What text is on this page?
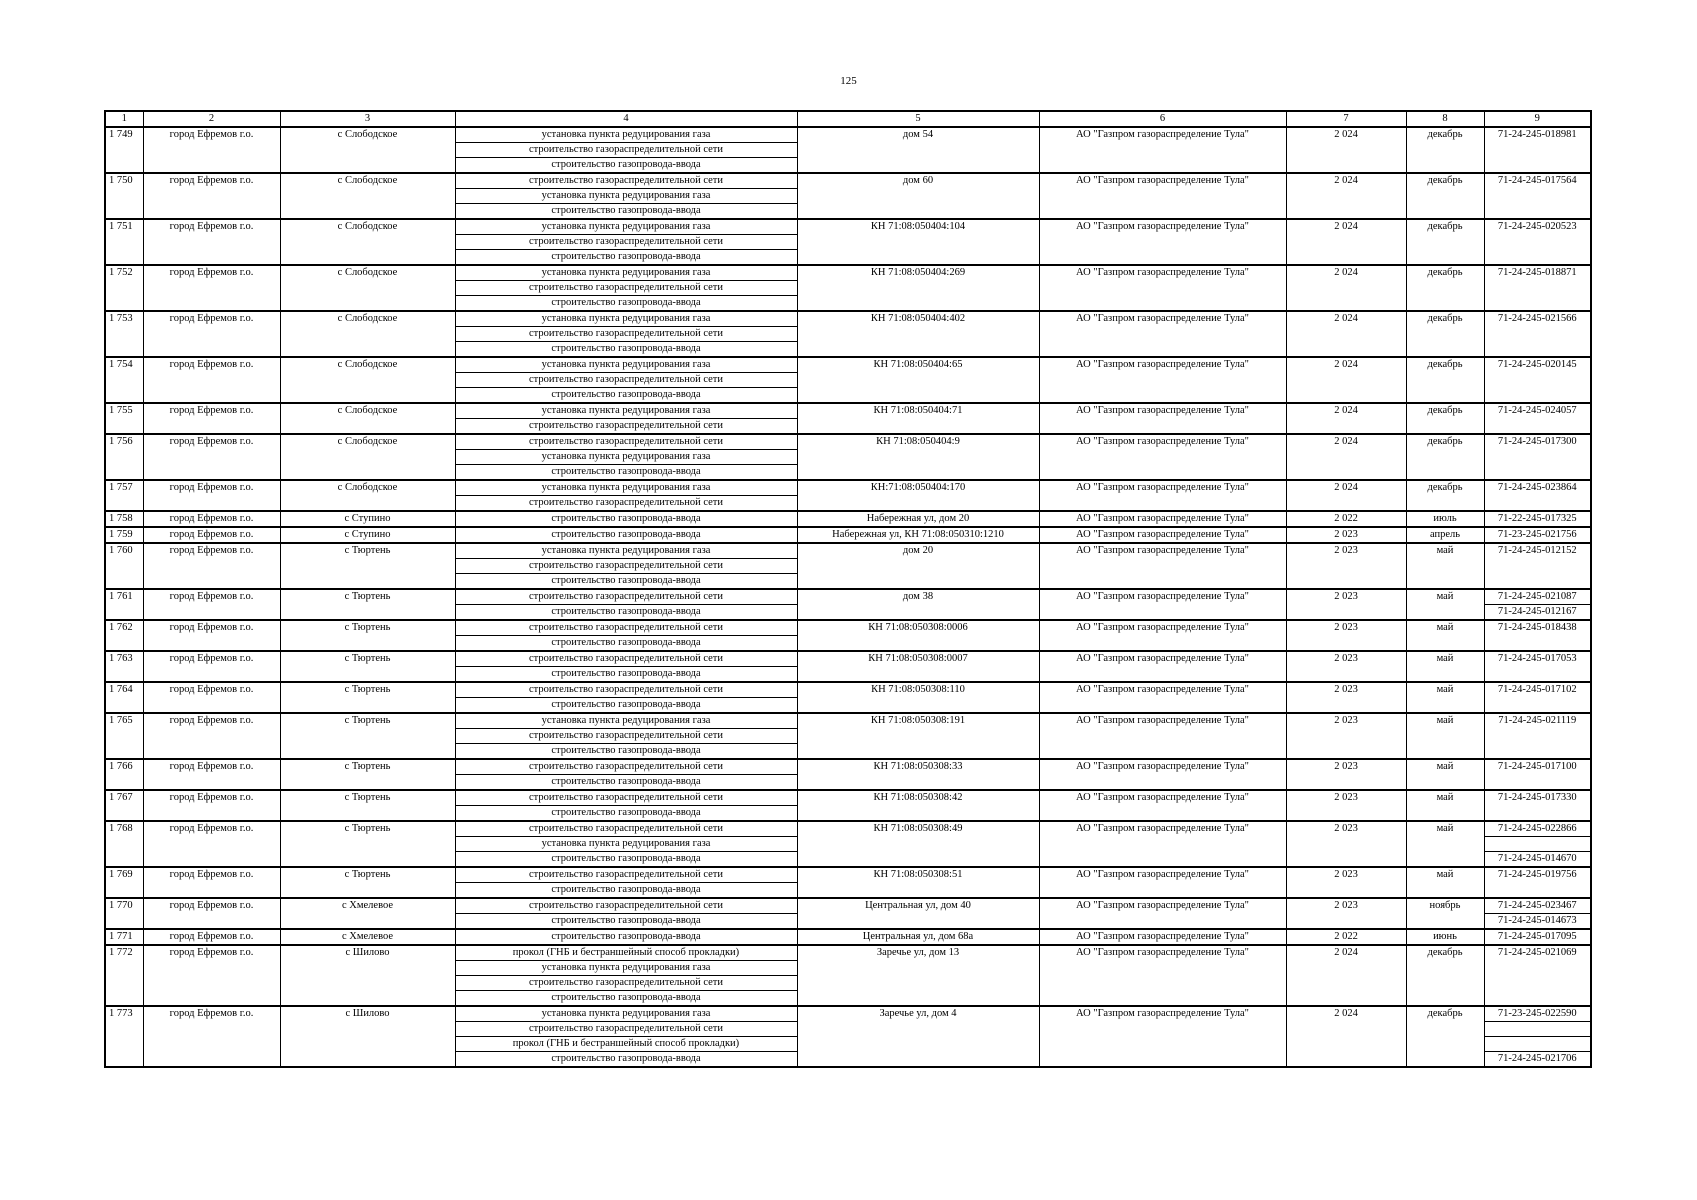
125
1	2	3	4	5	6	7	8	9
1 749	город Ефремов г.о.	с Слободское	установка пункта редуцирования газа	дом 54	АО "Газпром газораспределение Тула"	2 024	декабрь	71-24-245-018981
			строительство газораспределительной сети					
			строительство газопровода-ввода					
1 750	город Ефремов г.о.	с Слободское	строительство газораспределительной сети	дом 60	АО "Газпром газораспределение Тула"	2 024	декабрь	71-24-245-017564
			установка пункта редуцирования газа					
			строительство газопровода-ввода					
1 751	город Ефремов г.о.	с Слободское	установка пункта редуцирования газа	КН 71:08:050404:104	АО "Газпром газораспределение Тула"	2 024	декабрь	71-24-245-020523
			строительство газораспределительной сети					
			строительство газопровода-ввода					
1 752	город Ефремов г.о.	с Слободское	установка пункта редуцирования газа	КН 71:08:050404:269	АО "Газпром газораспределение Тула"	2 024	декабрь	71-24-245-018871
			строительство газораспределительной сети					
			строительство газопровода-ввода					
1 753	город Ефремов г.о.	с Слободское	установка пункта редуцирования газа	КН 71:08:050404:402	АО "Газпром газораспределение Тула"	2 024	декабрь	71-24-245-021566
			строительство газораспределительной сети					
			строительство газопровода-ввода					
1 754	город Ефремов г.о.	с Слободское	установка пункта редуцирования газа	КН 71:08:050404:65	АО "Газпром газораспределение Тула"	2 024	декабрь	71-24-245-020145
			строительство газораспределительной сети					
			строительство газопровода-ввода					
1 755	город Ефремов г.о.	с Слободское	установка пункта редуцирования газа	КН 71:08:050404:71	АО "Газпром газораспределение Тула"	2 024	декабрь	71-24-245-024057
			строительство газораспределительной сети					
1 756	город Ефремов г.о.	с Слободское	строительство газораспределительной сети	КН 71:08:050404:9	АО "Газпром газораспределение Тула"	2 024	декабрь	71-24-245-017300
			установка пункта редуцирования газа					
			строительство газопровода-ввода					
1 757	город Ефремов г.о.	с Слободское	установка пункта редуцирования газа	КН:71:08:050404:170	АО "Газпром газораспределение Тула"	2 024	декабрь	71-24-245-023864
			строительство газораспределительной сети					
1 758	город Ефремов г.о.	с Ступино	строительство газопровода-ввода	Набережная ул, дом 20	АО "Газпром газораспределение Тула"	2 022	июль	71-22-245-017325
1 759	город Ефремов г.о.	с Ступино	строительство газопровода-ввода	Набережная ул, КН 71:08:050310:1210	АО "Газпром газораспределение Тула"	2 023	апрель	71-23-245-021756
1 760	город Ефремов г.о.	с Тюртень	установка пункта редуцирования газа	дом 20	АО "Газпром газораспределение Тула"	2 023	май	71-24-245-012152
			строительство газораспределительной сети					
			строительство газопровода-ввода					
1 761	город Ефремов г.о.	с Тюртень	строительство газораспределительной сети	дом 38	АО "Газпром газораспределение Тула"	2 023	май	71-24-245-021087
			строительство газопровода-ввода					71-24-245-012167
1 762	город Ефремов г.о.	с Тюртень	строительство газораспределительной сети	КН 71:08:050308:0006	АО "Газпром газораспределение Тула"	2 023	май	71-24-245-018438
			строительство газопровода-ввода					
1 763	город Ефремов г.о.	с Тюртень	строительство газораспределительной сети	КН 71:08:050308:0007	АО "Газпром газораспределение Тула"	2 023	май	71-24-245-017053
			строительство газопровода-ввода					
1 764	город Ефремов г.о.	с Тюртень	строительство газораспределительной сети	КН 71:08:050308:110	АО "Газпром газораспределение Тула"	2 023	май	71-24-245-017102
			строительство газопровода-ввода					
1 765	город Ефремов г.о.	с Тюртень	установка пункта редуцирования газа	КН 71:08:050308:191	АО "Газпром газораспределение Тула"	2 023	май	71-24-245-021119
			строительство газораспределительной сети					
			строительство газопровода-ввода					
1 766	город Ефремов г.о.	с Тюртень	строительство газораспределительной сети	КН 71:08:050308:33	АО "Газпром газораспределение Тула"	2 023	май	71-24-245-017100
			строительство газопровода-ввода					
1 767	город Ефремов г.о.	с Тюртень	строительство газораспределительной сети	КН 71:08:050308:42	АО "Газпром газораспределение Тула"	2 023	май	71-24-245-017330
			строительство газопровода-ввода					
1 768	город Ефремов г.о.	с Тюртень	строительство газораспределительной сети	КН 71:08:050308:49	АО "Газпром газораспределение Тула"	2 023	май	71-24-245-022866
			установка пункта редуцирования газа					
			строительство газопровода-ввода					71-24-245-014670
1 769	город Ефремов г.о.	с Тюртень	строительство газораспределительной сети	КН 71:08:050308:51	АО "Газпром газораспределение Тула"	2 023	май	71-24-245-019756
			строительство газопровода-ввода					
1 770	город Ефремов г.о.	с Хмелевое	строительство газораспределительной сети	Центральная ул, дом 40	АО "Газпром газораспределение Тула"	2 023	ноябрь	71-24-245-023467
			строительство газопровода-ввода					71-24-245-014673
1 771	город Ефремов г.о.	с Хмелевое	строительство газопровода-ввода	Центральная ул, дом 68а	АО "Газпром газораспределение Тула"	2 022	июнь	71-24-245-017095
1 772	город Ефремов г.о.	с Шилово	прокол (ГНБ и бестраншейный способ прокладки)	Заречье ул, дом 13	АО "Газпром газораспределение Тула"	2 024	декабрь	71-24-245-021069
			установка пункта редуцирования газа					
			строительство газораспределительной сети					
			строительство газопровода-ввода					
1 773	город Ефремов г.о.	с Шилово	установка пункта редуцирования газа	Заречье ул, дом 4	АО "Газпром газораспределение Тула"	2 024	декабрь	71-23-245-022590
			строительство газораспределительной сети					
			прокол (ГНБ и бестраншейный способ прокладки)					
			строительство газопровода-ввода					71-24-245-021706
